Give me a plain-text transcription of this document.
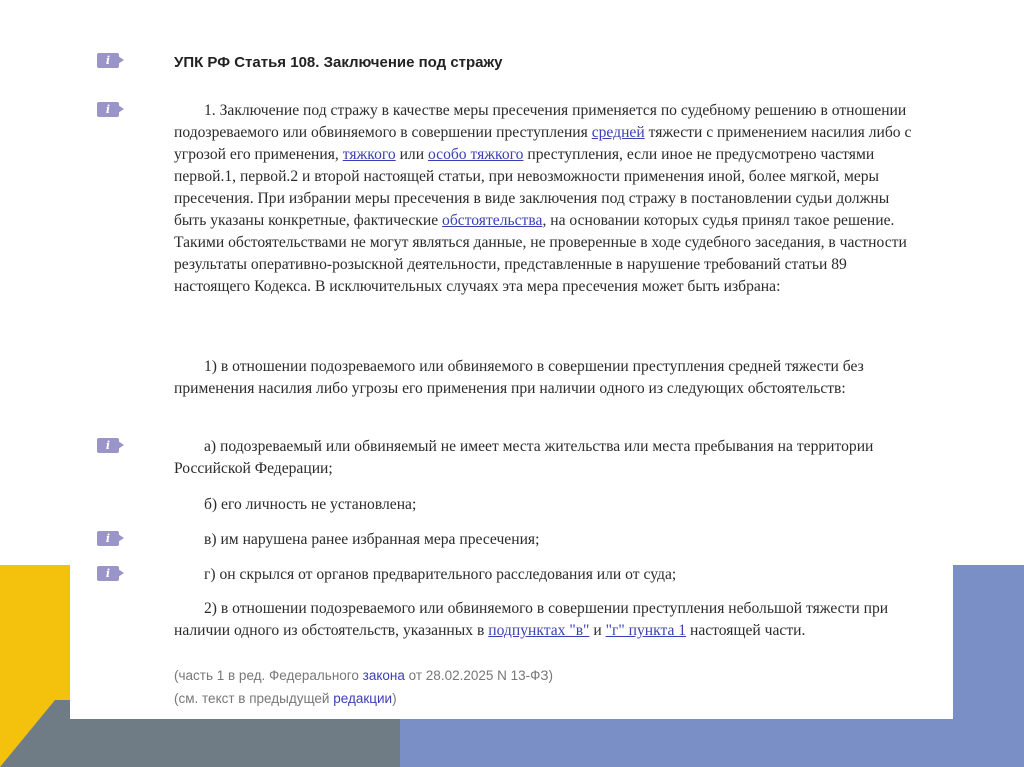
i
i
i
i
i
УПК РФ Статья 108. Заключение под стражу

1. Заключение под стражу в качестве меры пресечения применяется по судебному решению в отношении подозреваемого или обвиняемого в совершении преступления средней тяжести с применением насилия либо с угрозой его применения, тяжкого или особо тяжкого преступления, если иное не предусмотрено частями первой.1, первой.2 и второй настоящей статьи, при невозможности применения иной, более мягкой, меры пресечения. При избрании меры пресечения в виде заключения под стражу в постановлении судьи должны быть указаны конкретные, фактические обстоятельства, на основании которых судья принял такое решение. Такими обстоятельствами не могут являться данные, не проверенные в ходе судебного заседания, в частности результаты оперативно-розыскной деятельности, представленные в нарушение требований статьи 89 настоящего Кодекса. В исключительных случаях эта мера пресечения может быть избрана:

1) в отношении подозреваемого или обвиняемого в совершении преступления средней тяжести без применения насилия либо угрозы его применения при наличии одного из следующих обстоятельств:

а) подозреваемый или обвиняемый не имеет места жительства или места пребывания на территории Российской Федерации;

б) его личность не установлена;

в) им нарушена ранее избранная мера пресечения;

г) он скрылся от органов предварительного расследования или от суда;

2) в отношении подозреваемого или обвиняемого в совершении преступления небольшой тяжести при наличии одного из обстоятельств, указанных в подпунктах "в" и "г" пункта 1 настоящей части.

(часть 1 в ред. Федерального закона от 28.02.2025 N 13-ФЗ)

(см. текст в предыдущей редакции)
